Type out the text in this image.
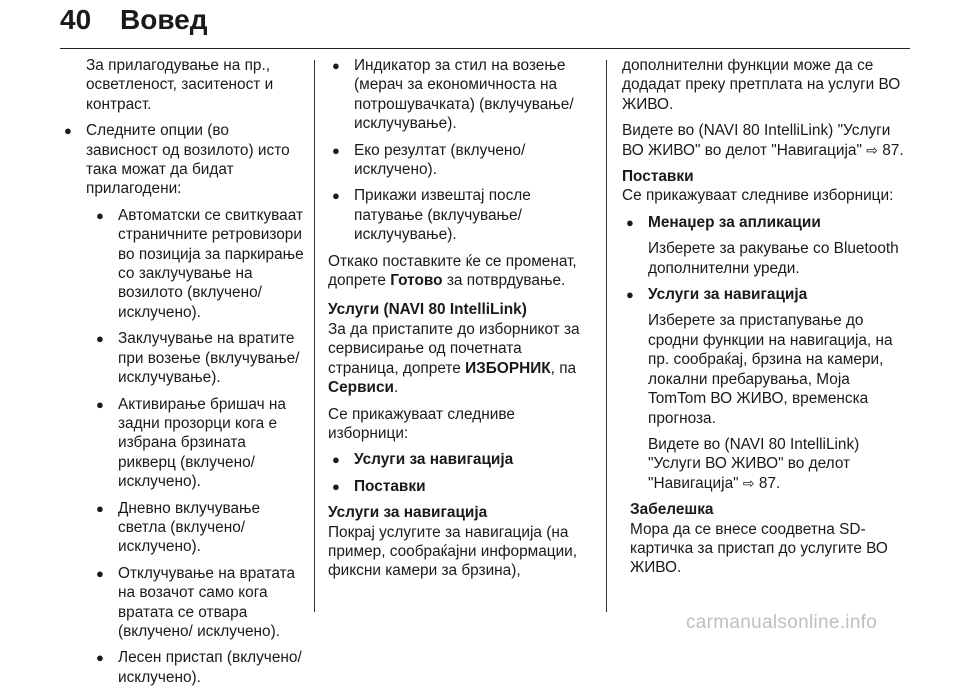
40 Вовед

За прилагодување на пр., осветленост, заситеност и контраст.

● Следните опции (во зависност од возилото) исто така можат да бидат прилагодени:
● Автоматски се свиткуваат страничните ретровизори во позиција за паркирање со заклучување на возилото (вклучено/ исклучено).
● Заклучување на вратите при возење (вклучување/ исклучување).
● Активирање бришач на задни прозорци кога е избрана брзината рикверц (вклучено/исклучено).
● Дневно вклучување светла (вклучено/исклучено).
● Отклучување на вратата на возачот само кога вратата се отвара (вклучено/ исклучено).
● Лесен пристап (вклучено/ исклучено).
● Индикатор за стил на возење (мерач за економичноста на потрошувачката) (вклучување/ исклучување).
● Еко резултат (вклучено/ исклучено).
● Прикажи извештај после патување (вклучување/ исклучување).

Откако поставките ќе се променат, допрете Готово за потврдување.

Услуги (NAVI 80 IntelliLink)

За да пристапите до изборникот за сервисирање од почетната страница, допрете ИЗБОРНИК, па Сервиси.

Се прикажуваат следниве изборници:

● Услуги за навигација
● Поставки
Услуги за навигација

Покрај услугите за навигација (на пример, сообраќајни информации, фиксни камери за брзина),

дополнителни функции може да се додадат преку претплата на услуги ВО ЖИВО.

Видете во (NAVI 80 IntelliLink) "Услуги ВО ЖИВО" во делот "Навигација" ⇨ 87.

Поставки

Се прикажуваат следниве изборници:

● Менаџер за апликации

Изберете за ракување со Bluetooth дополнителни уреди.

● Услуги за навигација

Изберете за пристапување до сродни функции на навигација, на пр. сообраќај, брзина на камери, локални пребарувања, Моја TomTom ВО ЖИВО, временска прогноза.

Видете во (NAVI 80 IntelliLink) "Услуги ВО ЖИВО" во делот "Навигација" ⇨ 87.

Забелешка

Мора да се внесе соодветна SD-картичка за пристап до услугите ВО ЖИВО.

carmanualsonline.info
